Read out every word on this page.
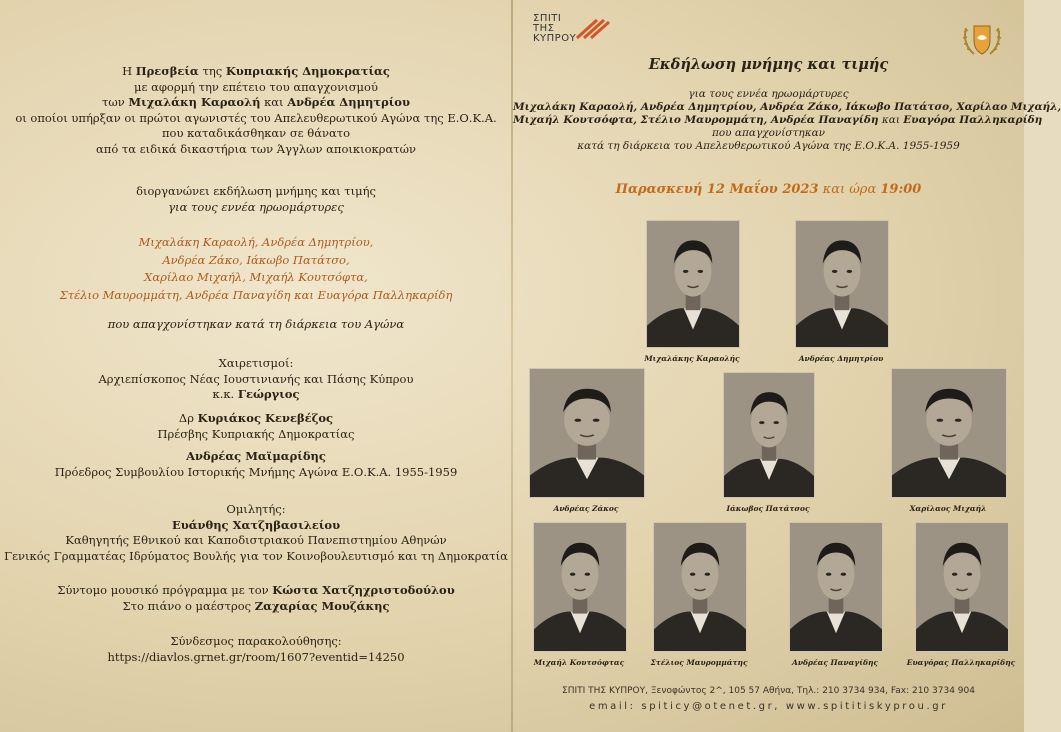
Η Πρεσβεία της Κυπριακής Δημοκρατίας
με αφορμή την επέτειο του απαγχονισμού
των Μιχαλάκη Καραολή και Ανδρέα Δημητρίου
οι οποίοι υπήρξαν οι πρώτοι αγωνιστές του Απελευθερωτικού Αγώνα της Ε.Ο.Κ.Α.
που καταδικάσθηκαν σε θάνατο
από τα ειδικά δικαστήρια των Άγγλων αποικιοκρατών
διοργανώνει εκδήλωση μνήμης και τιμής
για τους εννέα ηρωομάρτυρες
Μιχαλάκη Καραολή, Ανδρέα Δημητρίου,
Ανδρέα Ζάκο, Ιάκωβο Πατάτσο,
Χαρίλαο Μιχαήλ, Μιχαήλ Κουτσόφτα,
Στέλιο Μαυρομμάτη, Ανδρέα Παναγίδη και Ευαγόρα Παλληκαρίδη
που απαγχονίστηκαν κατά τη διάρκεια του Αγώνα
Χαιρετισμοί:
Αρχιεπίσκοπος Νέας Ιουστινιανής και Πάσης Κύπρου
κ.κ. Γεώργιος
Δρ Κυριάκος Κενεβέζος
Πρέσβης Κυπριακής Δημοκρατίας
Ανδρέας Μαϊμαρίδης
Πρόεδρος Συμβουλίου Ιστορικής Μνήμης Αγώνα Ε.Ο.Κ.Α. 1955-1959
Ομιλητής:
Ευάνθης Χατζηβασιλείου
Καθηγητής Εθνικού και Καποδιστριακού Πανεπιστημίου Αθηνών
Γενικός Γραμματέας Ιδρύματος Βουλής για τον Κοινοβουλευτισμό και τη Δημοκρατία
Σύντομο μουσικό πρόγραμμα με τον Κώστα Χατζηχριστοδούλου
Στο πιάνο ο μαέστρος Ζαχαρίας Μουζάκης
Σύνδεσμος παρακολούθησης:
https://diavlos.grnet.gr/room/1607?eventid=14250
ΣΠΙΤΙ
ΤΗΣ
ΚΥΠΡΟΥ
Εκδήλωση μνήμης και τιμής
για τους εννέα ηρωομάρτυρες
Μιχαλάκη Καραολή, Ανδρέα Δημητρίου, Ανδρέα Ζάκο, Ιάκωβο Πατάτσο, Χαρίλαο Μιχαήλ,
Μιχαήλ Κουτσόφτα, Στέλιο Μαυρομμάτη, Ανδρέα Παναγίδη και Ευαγόρα Παλληκαρίδη
που απαγχονίστηκαν
κατά τη διάρκεια του Απελευθερωτικού Αγώνα της Ε.Ο.Κ.Α. 1955-1959
Παρασκευή 12 Μαΐου 2023 και ώρα 19:00
Μιχαλάκης Καραολής	Ανδρέας Δημητρίου
Ανδρέας Ζάκος	Ιάκωβος Πατάτσος	Χαρίλαος Μιχαήλ
Μιχαήλ Κουτσόφτας	Στέλιος Μαυρομμάτης	Ανδρέας Παναγίδης	Ευαγόρας Παλληκαρίδης
ΣΠΙΤΙ ΤΗΣ ΚΥΠΡΟΥ, Ξενοφώντος 2^, 105 57 Αθήνα, Τηλ.: 210 3734 934, Fax: 210 3734 904
email: spiticy@otenet.gr, www.spititiskyprou.gr
